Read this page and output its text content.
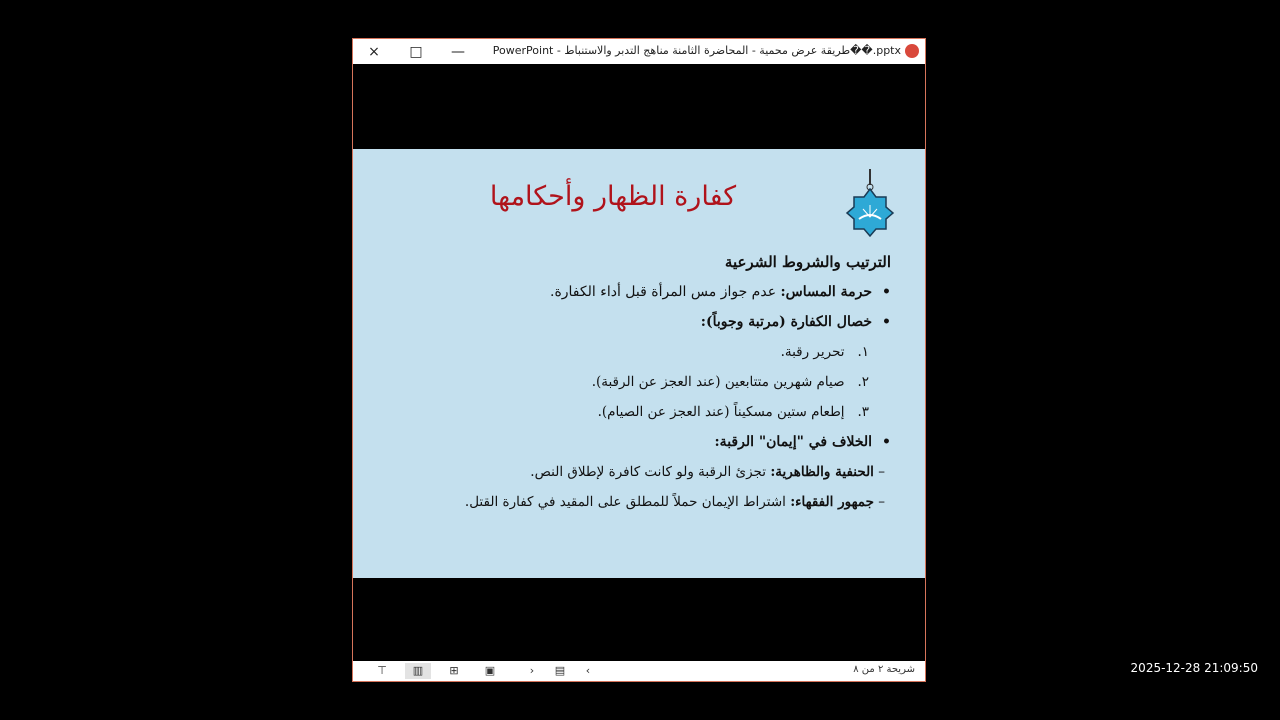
×	□	—	PowerPoint - طريقة عرض محمية - المحاضرة الثامنة مناهج التدبر والاستنباط��.pptx
كفارة الظهار وأحكامها
الترتيب والشروط الشرعية
• حرمة المساس: عدم جواز مس المرأة قبل أداء الكفارة.
• خصال الكفارة (مرتبة وجوباً):
١.   تحرير رقبة.
٢.   صيام شهرين متتابعين (عند العجز عن الرقبة).
٣.   إطعام ستين مسكيناً (عند العجز عن الصيام).
• الخلاف في "إيمان" الرقبة:
– الحنفية والظاهرية: تجزئ الرقبة ولو كانت كافرة لإطلاق النص.
– جمهور الفقهاء: اشتراط الإيمان حملاً للمطلق على المقيد في كفارة القتل.
⊤	▥	⊞	▣	›	▤	‹	شريحة ٢ من ٨	2025-12-28 21:09:50
